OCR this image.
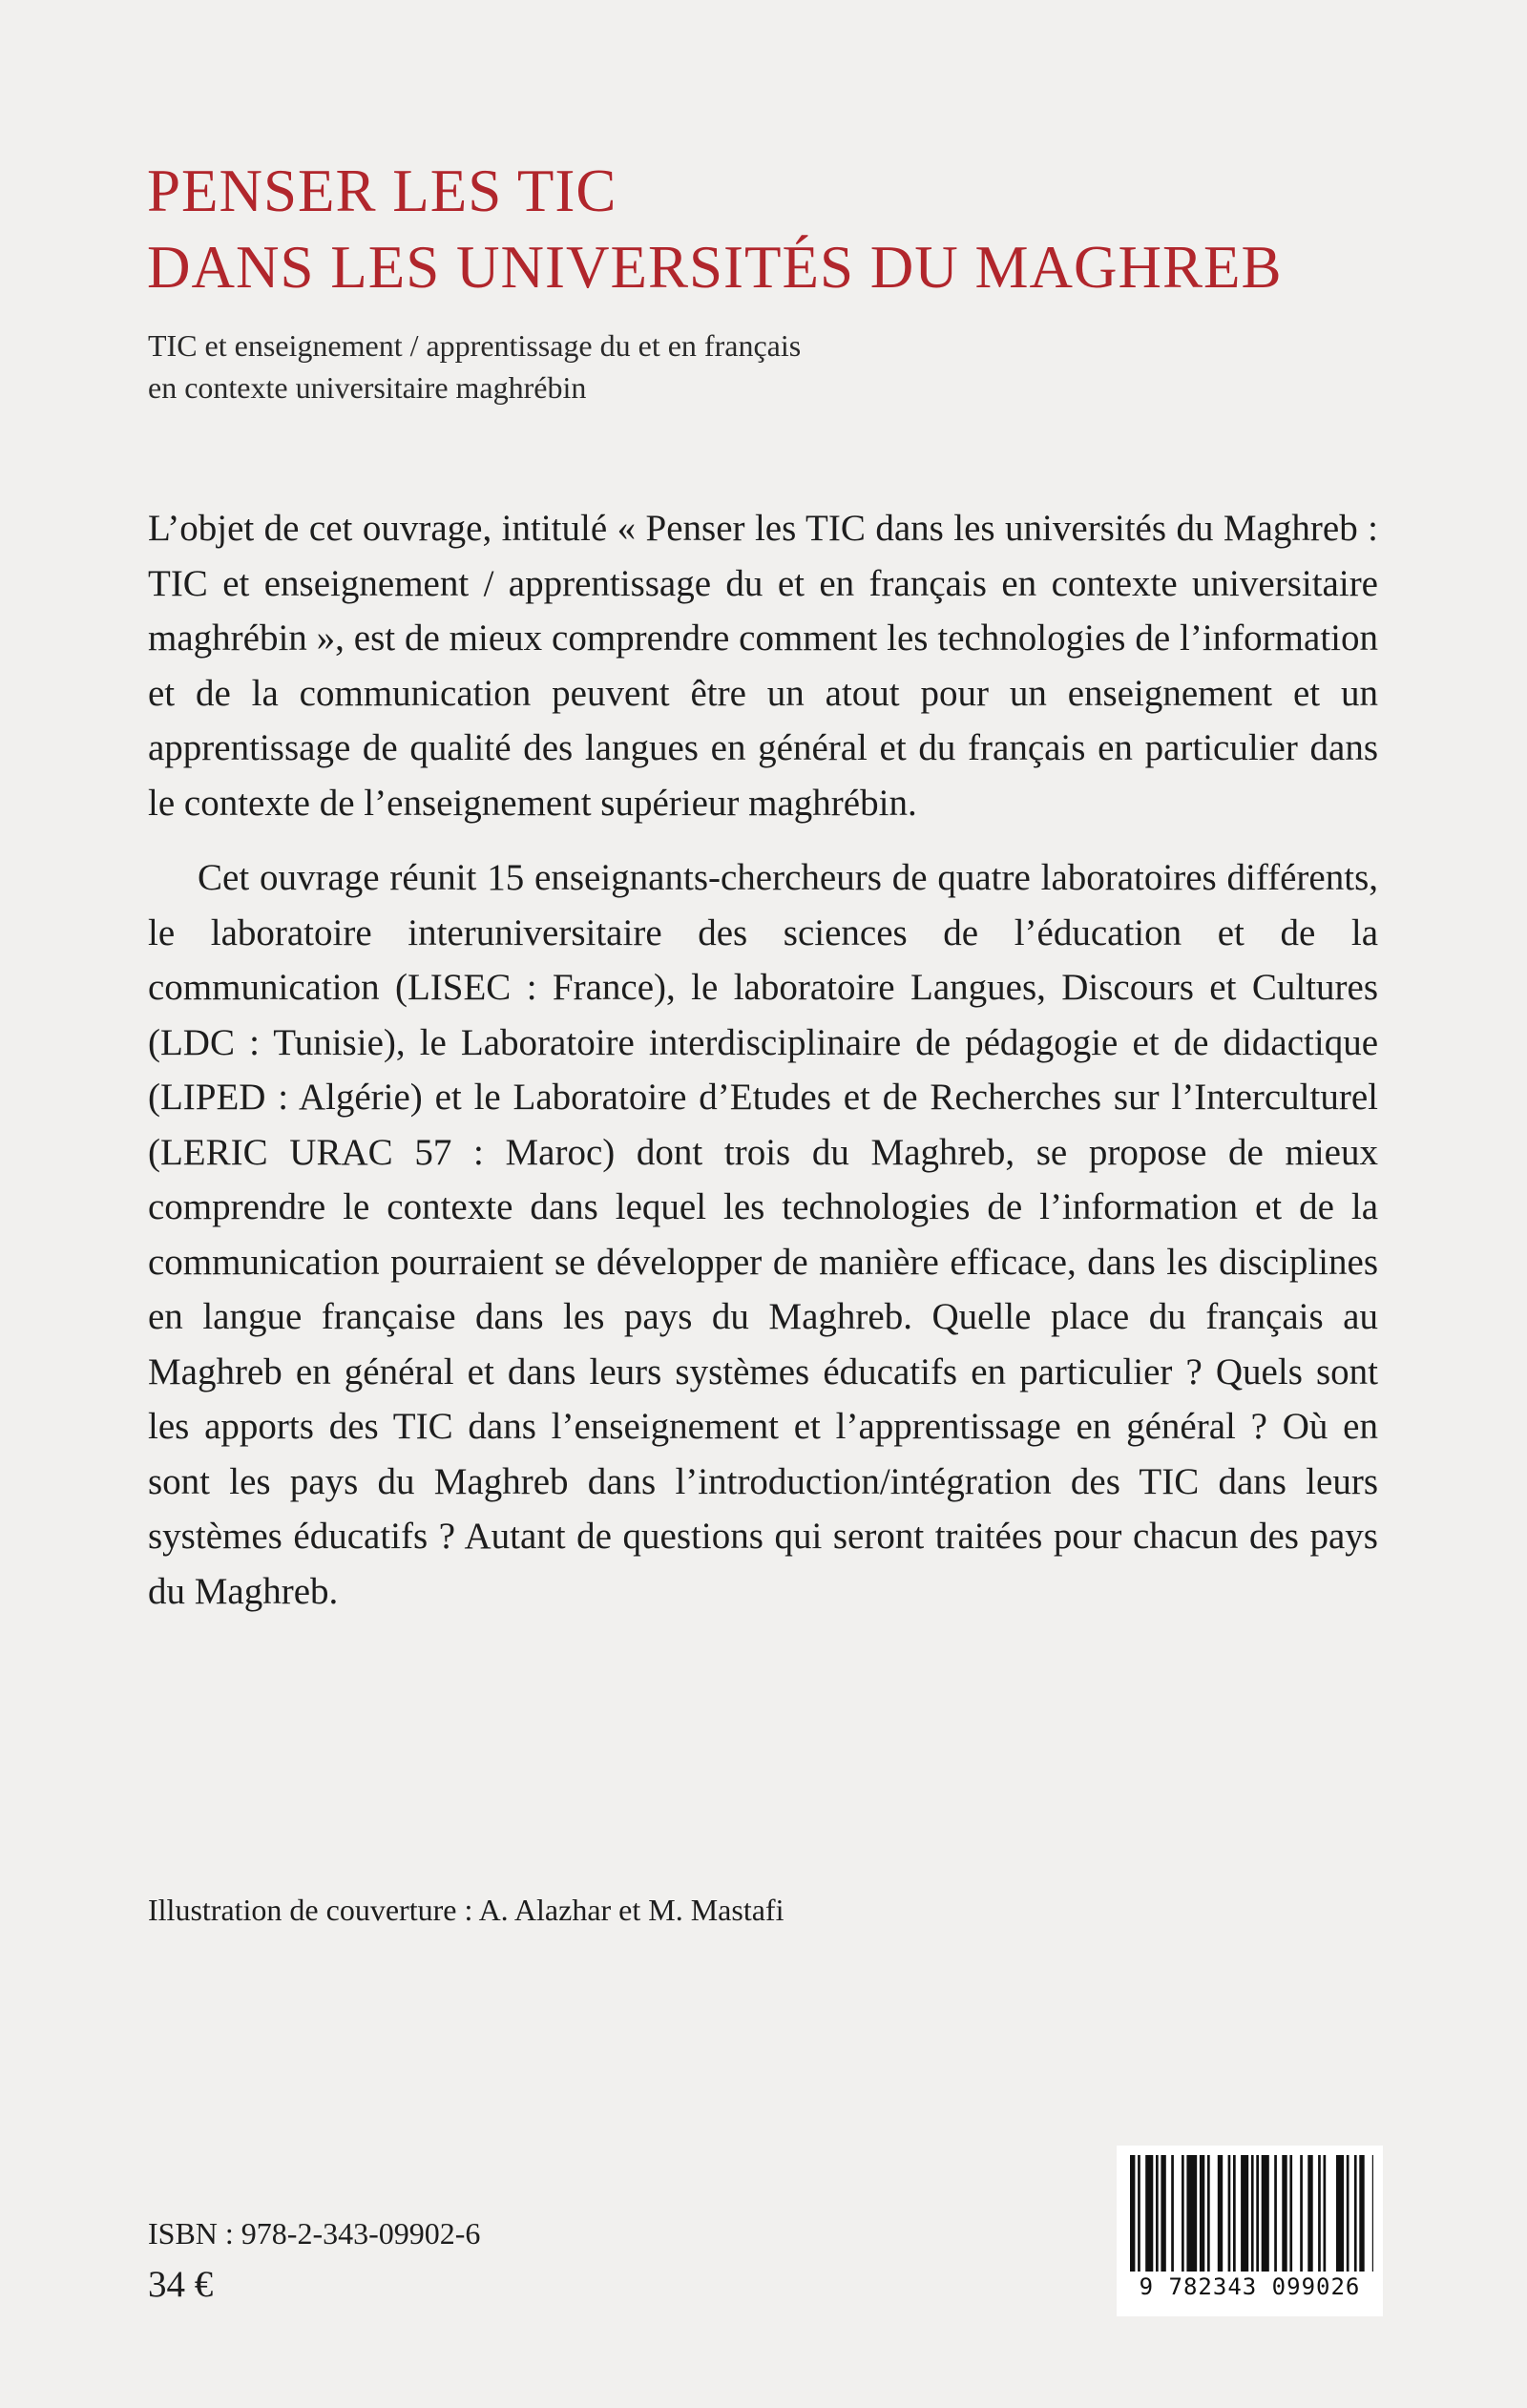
PENSER LES TIC
DANS LES UNIVERSITÉS DU MAGHREB
TIC et enseignement / apprentissage du et en français
en contexte universitaire maghrébin

L’objet de cet ouvrage, intitulé « Penser les TIC dans les universités du Maghreb : TIC et enseignement / apprentissage du et en français en contexte universitaire maghrébin », est de mieux comprendre comment les technologies de l’information et de la communication peuvent être un atout pour un enseignement et un apprentissage de qualité des langues en général et du français en particulier dans le contexte de l’enseignement supérieur maghrébin.

Cet ouvrage réunit 15 enseignants-chercheurs de quatre laboratoires différents, le laboratoire interuniversitaire des sciences de l’éducation et de la communication (LISEC : France), le laboratoire Langues, Discours et Cultures (LDC : Tunisie), le Laboratoire interdisciplinaire de pédagogie et de didactique (LIPED : Algérie) et le Laboratoire d’Etudes et de Recherches sur l’Interculturel (LERIC URAC 57 : Maroc) dont trois du Maghreb, se propose de mieux comprendre le contexte dans lequel les technologies de l’information et de la communication pourraient se développer de manière efficace, dans les disciplines en langue française dans les pays du Maghreb. Quelle place du français au Maghreb en général et dans leurs systèmes éducatifs en particulier ? Quels sont les apports des TIC dans l’enseignement et l’apprentissage en général ? Où en sont les pays du Maghreb dans l’introduction/intégration des TIC dans leurs systèmes éducatifs ? Autant de questions qui seront traitées pour chacun des pays du Maghreb.

Illustration de couverture : A. Alazhar et M. Mastafi
ISBN : 978-2-343-09902-6
34 €	9 782343 099026
